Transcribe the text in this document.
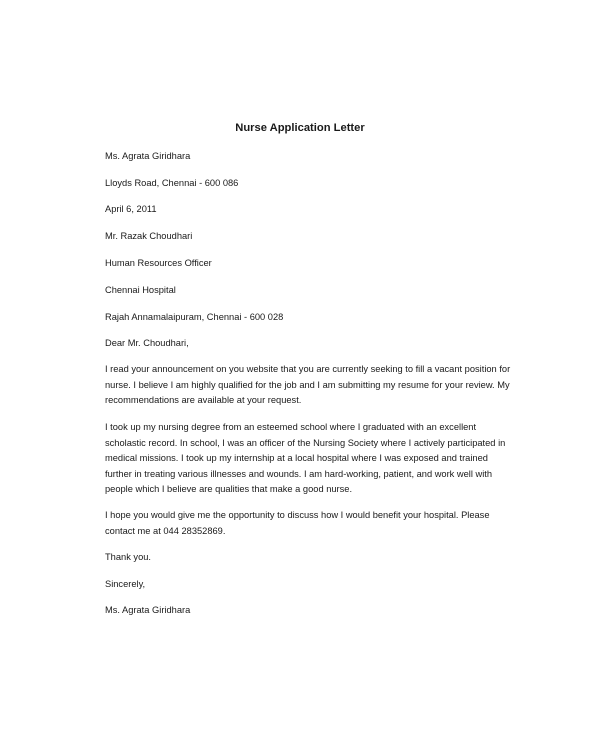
Nurse Application Letter
Ms. Agrata Giridhara
Lloyds Road, Chennai - 600 086
April 6, 2011
Mr. Razak Choudhari
Human Resources Officer
Chennai Hospital
Rajah Annamalaipuram, Chennai - 600 028
Dear Mr. Choudhari,
I read your announcement on you website that you are currently seeking to fill a vacant position for
nurse. I believe I am highly qualified for the job and I am submitting my resume for your review. My
recommendations are available at your request.
I took up my nursing degree from an esteemed school where I graduated with an excellent
scholastic record. In school, I was an officer of the Nursing Society where I actively participated in
medical missions. I took up my internship at a local hospital where I was exposed and trained
further in treating various illnesses and wounds. I am hard-working, patient, and work well with
people which I believe are qualities that make a good nurse.
I hope you would give me the opportunity to discuss how I would benefit your hospital. Please
contact me at 044 28352869.
Thank you.
Sincerely,
Ms. Agrata Giridhara
